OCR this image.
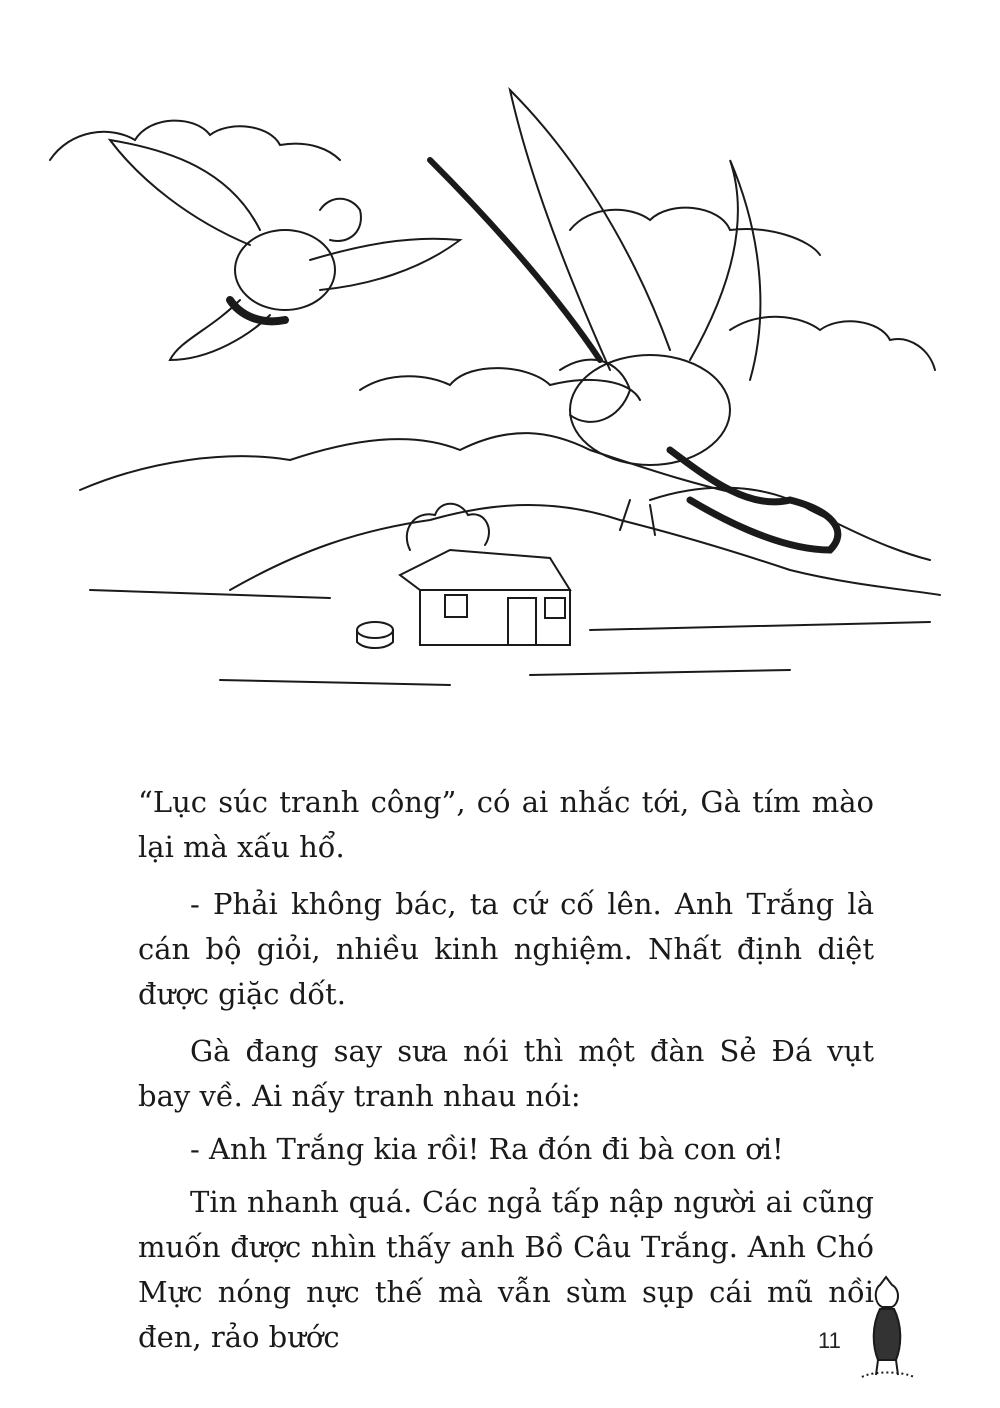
“Lục súc tranh công”, có ai nhắc tới, Gà tím mào lại mà xấu hổ.

- Phải không bác, ta cứ cố lên. Anh Trắng là cán bộ giỏi, nhiều kinh nghiệm. Nhất định diệt được giặc dốt.

Gà đang say sưa nói thì một đàn Sẻ Đá vụt bay về. Ai nấy tranh nhau nói:

- Anh Trắng kia rồi! Ra đón đi bà con ơi!

Tin nhanh quá. Các ngả tấp nập người ai cũng muốn được nhìn thấy anh Bồ Câu Trắng. Anh Chó Mực nóng nực thế mà vẫn sùm sụp cái mũ nồi đen, rảo bước	11
